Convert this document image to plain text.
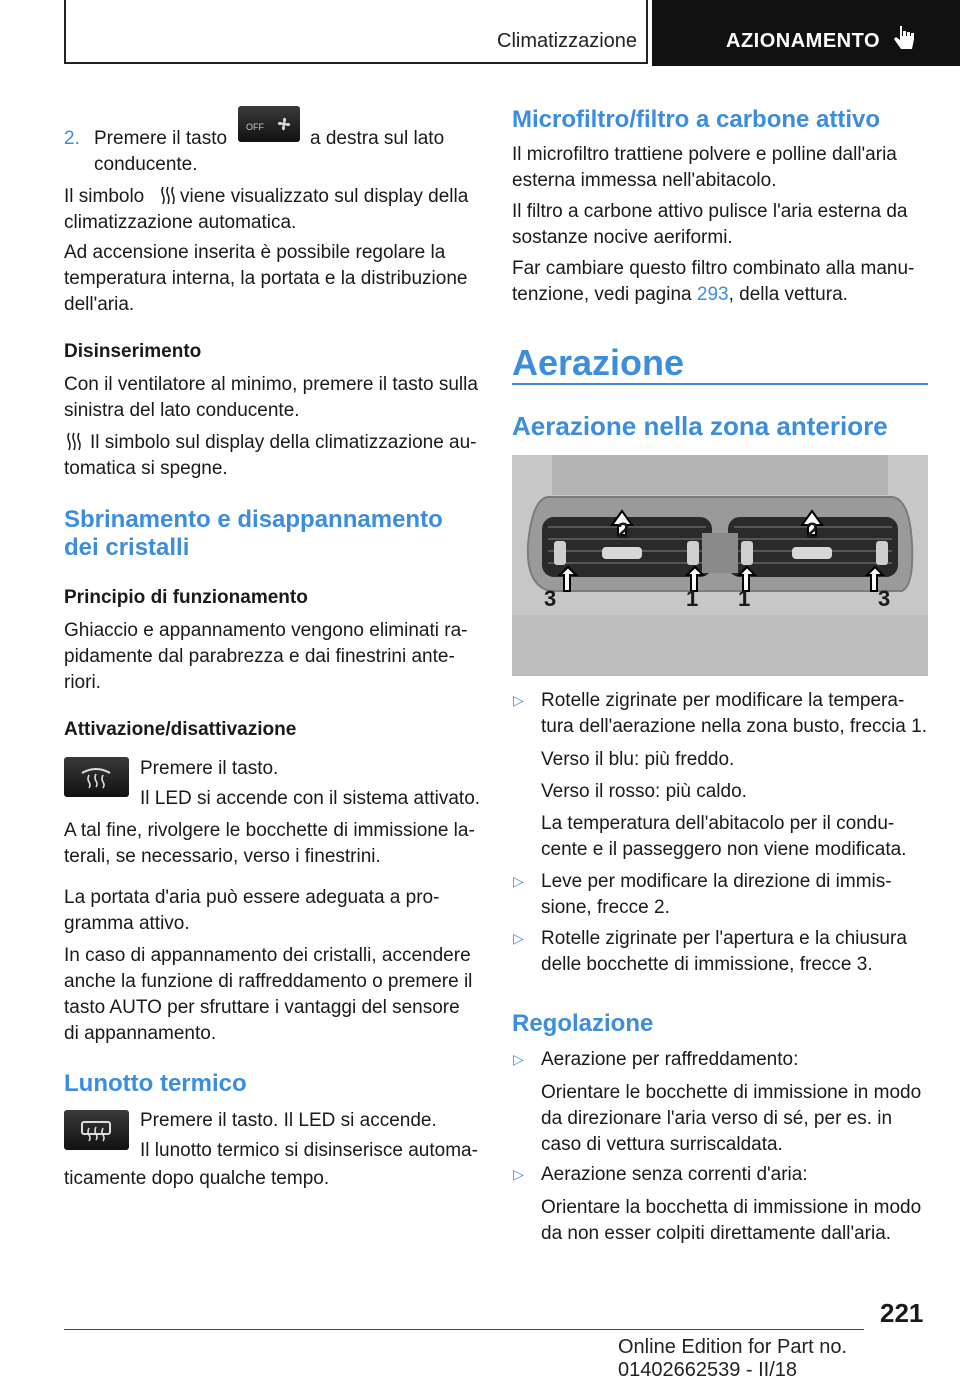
Climatizzazione	AZIONAMENTO
2. Premere il tasto
OFF
a destra sul lato
conducente.
Il simbolo viene visualizzato sul display della
climatizzazione automatica.
Ad accensione inserita è possibile regolare la
temperatura interna, la portata e la distribuzione
dell'aria.
Disinserimento
Con il ventilatore al minimo, premere il tasto sulla
sinistra del lato conducente.
Il simbolo sul display della climatizzazione au‐
tomatica si spegne.
Sbrinamento e disappannamento
dei cristalli
Principio di funzionamento
Ghiaccio e appannamento vengono eliminati ra‐
pidamente dal parabrezza e dai finestrini ante‐
riori.
Attivazione/disattivazione
Premere il tasto.
Il LED si accende con il sistema attivato.
A tal fine, rivolgere le bocchette di immissione la‐
terali, se necessario, verso i finestrini.
La portata d'aria può essere adeguata a pro‐
gramma attivo.
In caso di appannamento dei cristalli, accendere
anche la funzione di raffreddamento o premere il
tasto AUTO per sfruttare i vantaggi del sensore
di appannamento.
Lunotto termico
Premere il tasto. Il LED si accende.
Il lunotto termico si disinserisce automa‐
ticamente dopo qualche tempo.
Microfiltro/filtro a carbone attivo
Il microfiltro trattiene polvere e polline dall'aria
esterna immessa nell'abitacolo.
Il filtro a carbone attivo pulisce l'aria esterna da
sostanze nocive aeriformi.
Far cambiare questo filtro combinato alla manu‐
tenzione, vedi pagina 293, della vettura.
Aerazione
Aerazione nella zona anteriore
2	2
3	1 1	3
▷ Rotelle zigrinate per modificare la tempera‐
tura dell'aerazione nella zona busto, freccia 1.
Verso il blu: più freddo.
Verso il rosso: più caldo.
La temperatura dell'abitacolo per il condu‐
cente e il passeggero non viene modificata.
▷ Leve per modificare la direzione di immis‐
sione, frecce 2.
▷ Rotelle zigrinate per l'apertura e la chiusura
delle bocchette di immissione, frecce 3.
Regolazione
▷ Aerazione per raffreddamento:
Orientare le bocchette di immissione in modo
da direzionare l'aria verso di sé, per es. in
caso di vettura surriscaldata.
▷ Aerazione senza correnti d'aria:
Orientare la bocchetta di immissione in modo
da non esser colpiti direttamente dall'aria.
221
Online Edition for Part no. 01402662539 - II/18
